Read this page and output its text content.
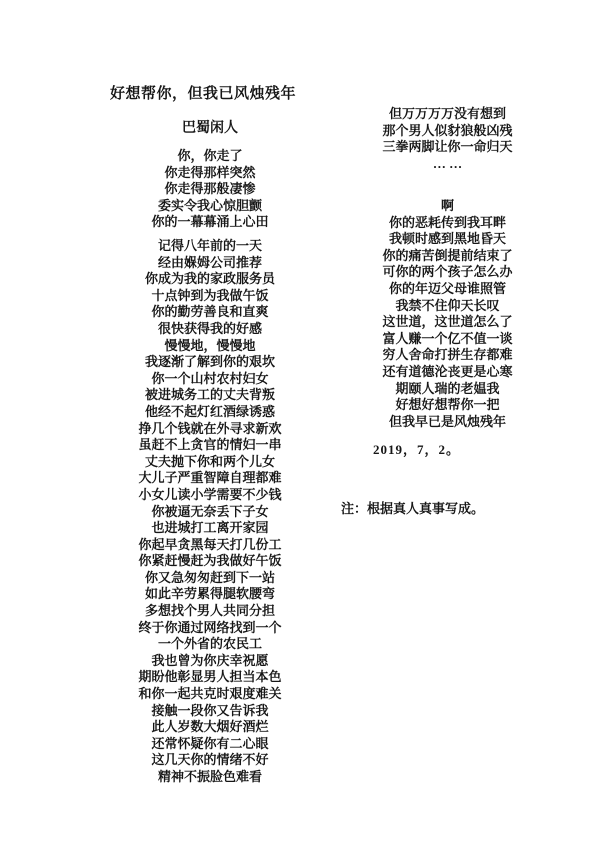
好想帮你，但我已风烛残年
巴蜀闲人
你，你走了
你走得那样突然
你走得那般凄惨
委实令我心惊胆颤
你的一幕幕涌上心田
记得八年前的一天
经由媬姆公司推荐
你成为我的家政服务员
十点钟到为我做午饭
你的勤劳善良和直爽
很快获得我的好感
慢慢地，慢慢地
我逐渐了解到你的艰坎
你一个山村农村妇女
被进城务工的丈夫背叛
他经不起灯红酒绿诱惑
挣几个钱就在外寻求新欢
虽赶不上贪官的情妇一串
丈夫抛下你和两个儿女
大儿子严重智障自理都难
小女儿读小学需要不少钱
你被逼无奈丢下子女
也进城打工离开家园
你起早贪黑每天打几份工
你紧赶慢赶为我做好午饭
你又急匆匆赶到下一站
如此辛劳累得腿软腰弯
多想找个男人共同分担
终于你通过网络找到一个
一个外省的农民工
我也曾为你庆幸祝愿
期盼他彰显男人担当本色
和你一起共克时艰度难关
接触一段你又告诉我
此人岁数大烟好酒烂
还常怀疑你有二心眼
这几天你的情绪不好
精神不振脸色难看
但万万万万没有想到
那个男人似豺狼般凶残
三拳两脚让你一命归天
… …
啊
你的恶耗传到我耳畔
我顿时感到黑地昏天
你的痛苦倒提前结束了
可你的两个孩子怎么办
你的年迈父母谁照管
我禁不住仰天长叹
这世道，这世道怎么了
富人赚一个亿不值一谈
穷人舍命打拼生存都难
还有道德沦丧更是心寒
期颐人瑞的老媪我
好想好想帮你一把
但我早已是风烛残年
2019，7，2。
注：根据真人真事写成。
